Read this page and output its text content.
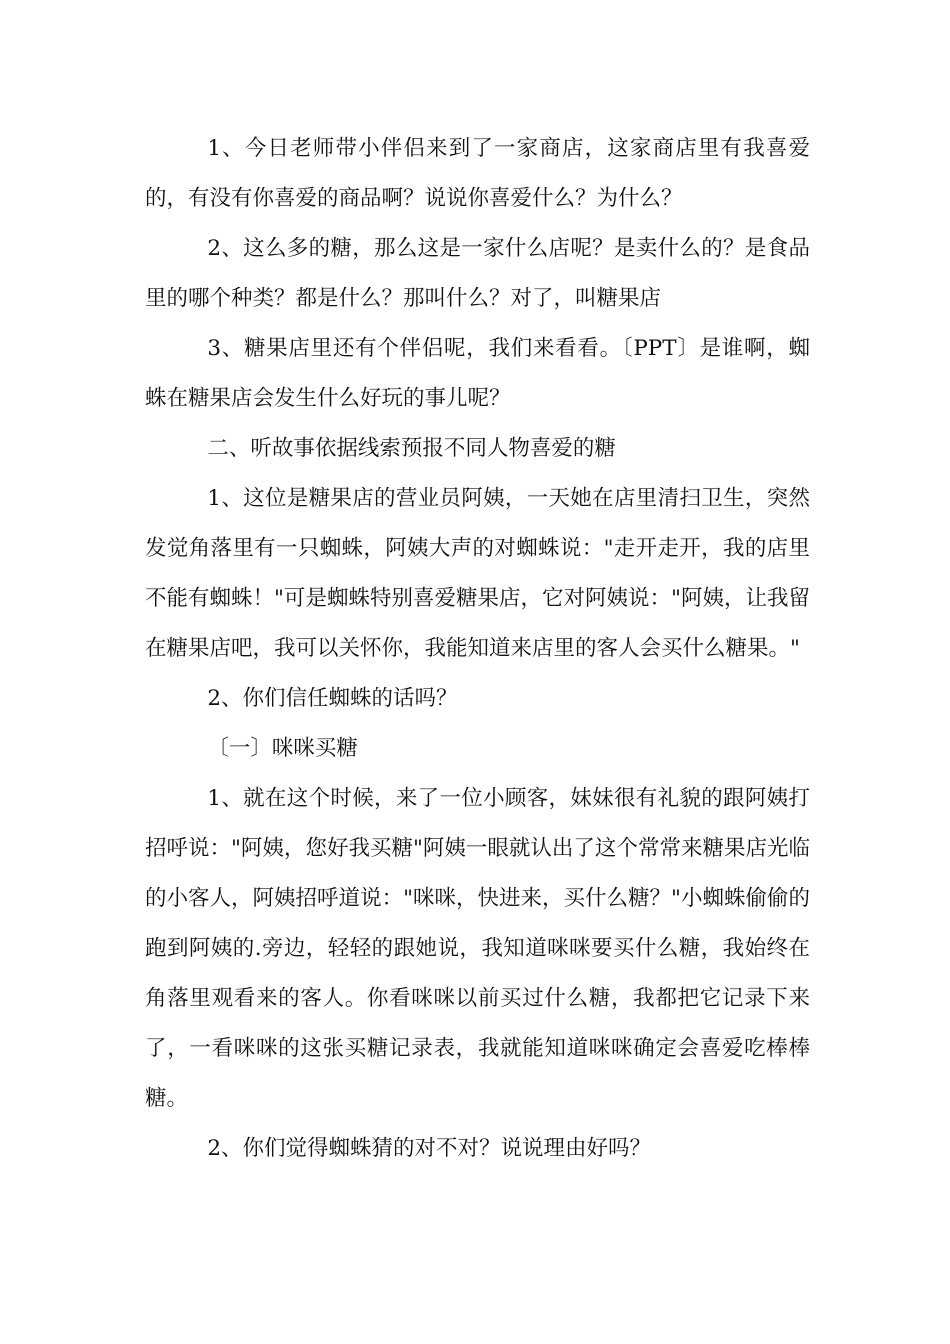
1、今日老师带小伴侣来到了一家商店，这家商店里有我喜爱的，有没有你喜爱的商品啊？说说你喜爱什么？为什么？

2、这么多的糖，那么这是一家什么店呢？是卖什么的？是食品里的哪个种类？都是什么？那叫什么？对了，叫糖果店

3、糖果店里还有个伴侣呢，我们来看看。〔PPT〕是谁啊，蜘蛛在糖果店会发生什么好玩的事儿呢？

二、听故事依据线索预报不同人物喜爱的糖

1、这位是糖果店的营业员阿姨，一天她在店里清扫卫生，突然发觉角落里有一只蜘蛛，阿姨大声的对蜘蛛说："走开走开，我的店里不能有蜘蛛！"可是蜘蛛特别喜爱糖果店，它对阿姨说："阿姨，让我留在糖果店吧，我可以关怀你，我能知道来店里的客人会买什么糖果。"

2、你们信任蜘蛛的话吗？

〔一〕咪咪买糖

1、就在这个时候，来了一位小顾客，妹妹很有礼貌的跟阿姨打招呼说："阿姨，您好我买糖"阿姨一眼就认出了这个常常来糖果店光临的小客人，阿姨招呼道说："咪咪，快进来，买什么糖？"小蜘蛛偷偷的跑到阿姨的.旁边，轻轻的跟她说，我知道咪咪要买什么糖，我始终在角落里观看来的客人。你看咪咪以前买过什么糖，我都把它记录下来了，一看咪咪的这张买糖记录表，我就能知道咪咪确定会喜爱吃棒棒糖。

2、你们觉得蜘蛛猜的对不对？说说理由好吗？
